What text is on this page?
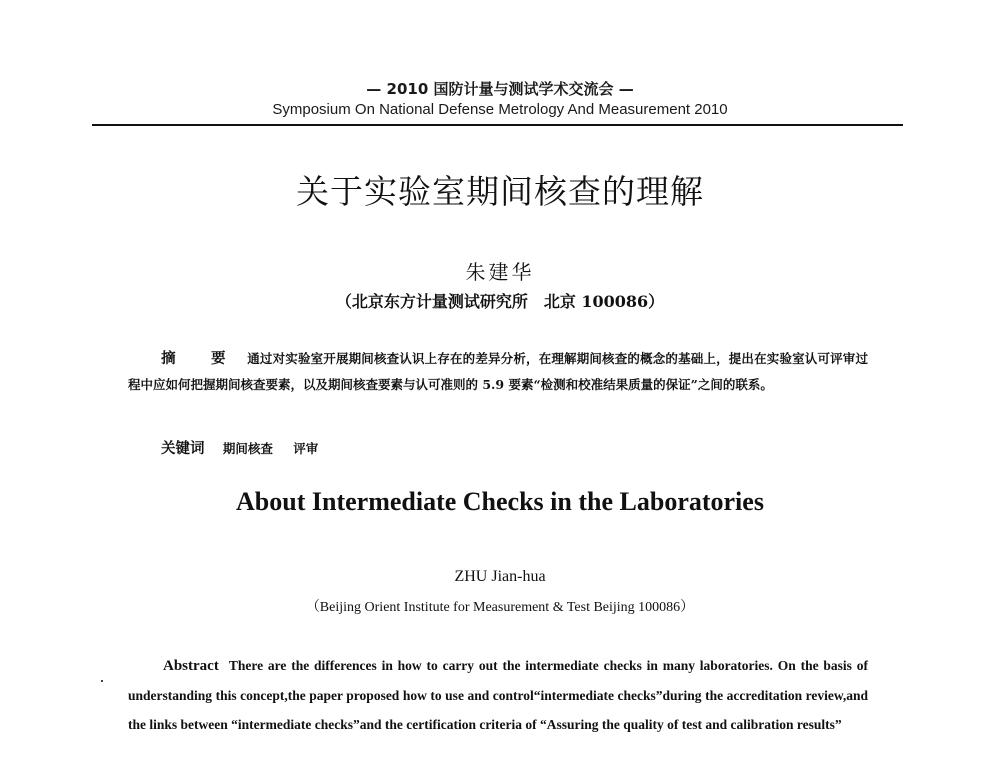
— 2010 国防计量与测试学术交流会 —
Symposium On National Defense Metrology And Measurement 2010
关于实验室期间核查的理解
朱建华
（北京东方计量测试研究所　北京 100086）
摘 要 通过对实验室开展期间核查认识上存在的差异分析，在理解期间核查的概念的基础上，提出在实验室认可评审过程中应如何把握期间核查要素，以及期间核查要素与认可准则的 5.9 要素“检测和校准结果质量的保证”之间的联系。
关键词 期间核查 评审
About Intermediate Checks in the Laboratories
ZHU Jian-hua
（Beijing Orient Institute for Measurement & Test Beijing 100086）
Abstract There are the differences in how to carry out the intermediate checks in many laboratories. On the basis of understanding this concept,the paper proposed how to use and control“intermediate checks”during the accreditation review,and the links between “intermediate checks”and the certification criteria of “Assuring the quality of test and calibration results”
